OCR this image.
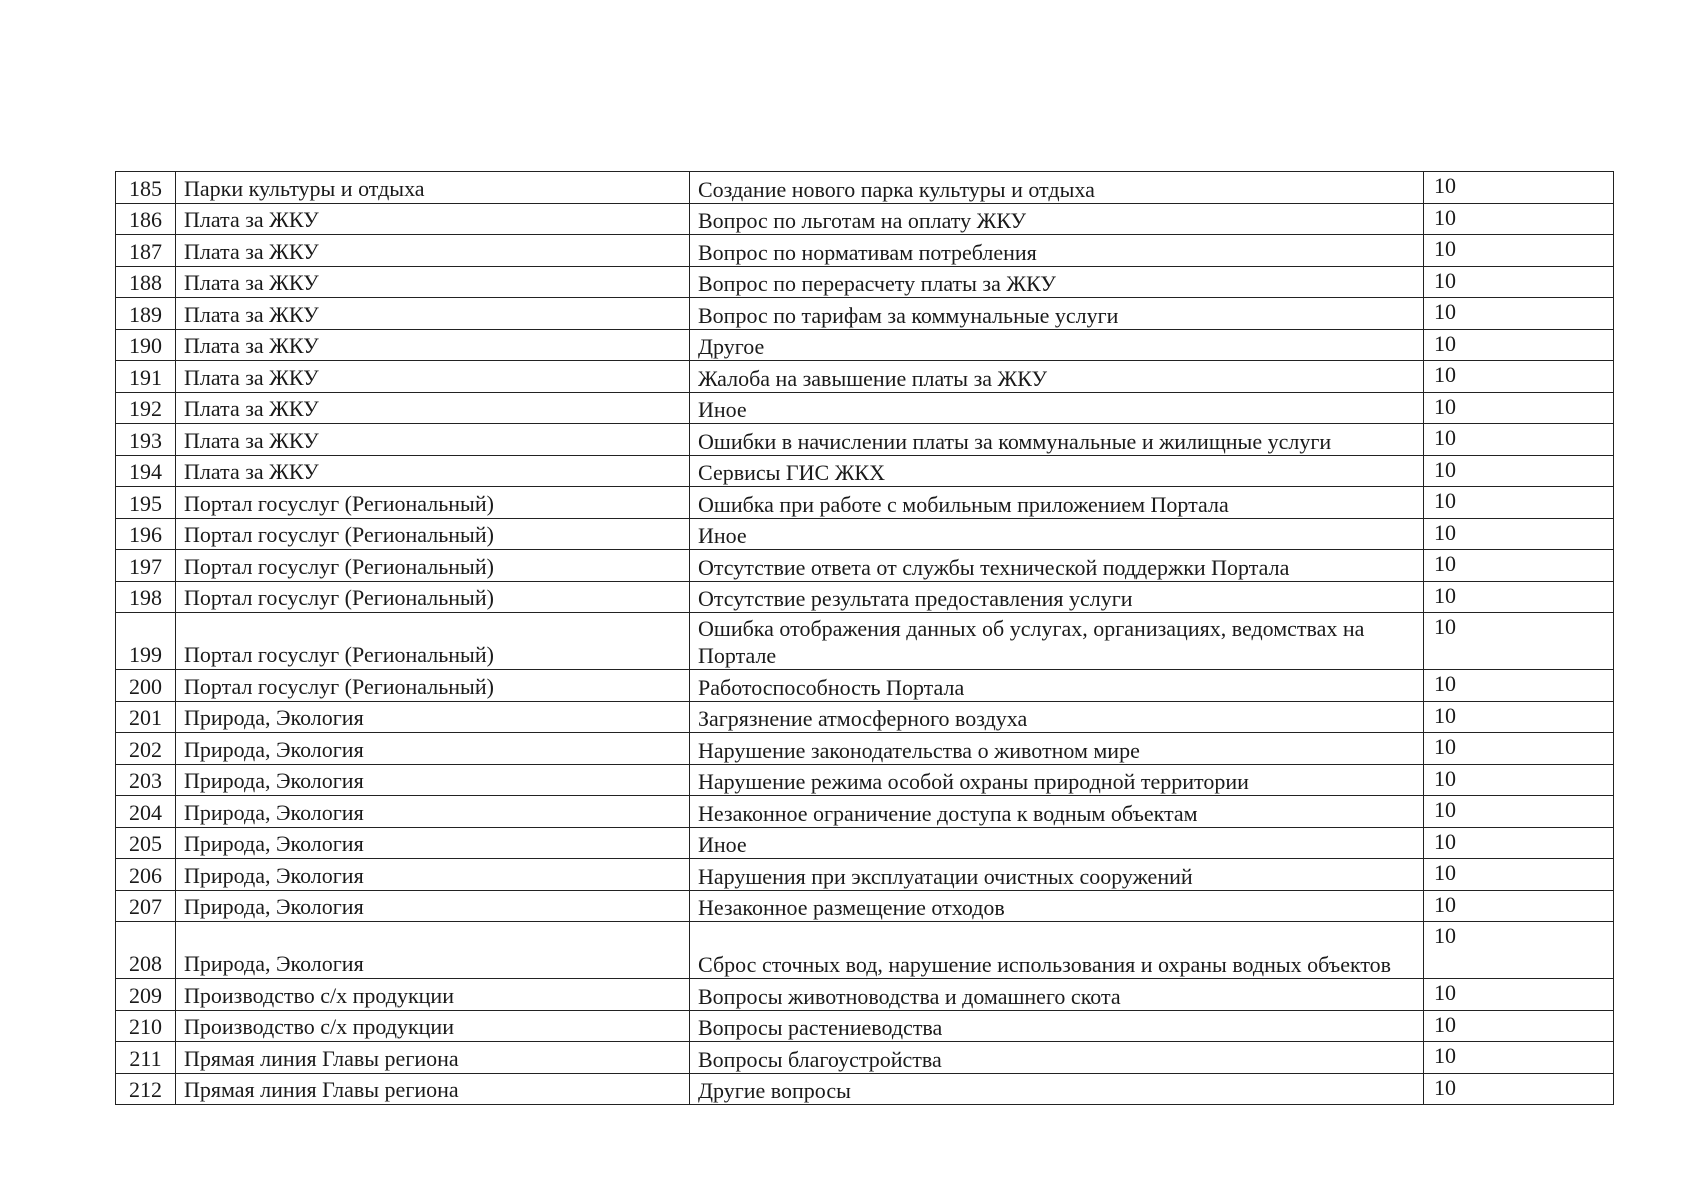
185	Парки культуры и отдыха	Создание нового парка культуры и отдыха	10
186	Плата за ЖКУ	Вопрос по льготам на оплату ЖКУ	10
187	Плата за ЖКУ	Вопрос по нормативам потребления	10
188	Плата за ЖКУ	Вопрос по перерасчету платы за ЖКУ	10
189	Плата за ЖКУ	Вопрос по тарифам за коммунальные услуги	10
190	Плата за ЖКУ	Другое	10
191	Плата за ЖКУ	Жалоба на завышение платы за ЖКУ	10
192	Плата за ЖКУ	Иное	10
193	Плата за ЖКУ	Ошибки в начислении платы за коммунальные и жилищные услуги	10
194	Плата за ЖКУ	Сервисы ГИС ЖКХ	10
195	Портал госуслуг (Региональный)	Ошибка при работе с мобильным приложением Портала	10
196	Портал госуслуг (Региональный)	Иное	10
197	Портал госуслуг (Региональный)	Отсутствие ответа от службы технической поддержки Портала	10
198	Портал госуслуг (Региональный)	Отсутствие результата предоставления услуги	10
199	Портал госуслуг (Региональный)	Ошибка отображения данных об услугах, организациях, ведомствах на Портале	10
200	Портал госуслуг (Региональный)	Работоспособность Портала	10
201	Природа, Экология	Загрязнение атмосферного воздуха	10
202	Природа, Экология	Нарушение законодательства о животном мире	10
203	Природа, Экология	Нарушение режима особой охраны природной территории	10
204	Природа, Экология	Незаконное ограничение доступа к водным объектам	10
205	Природа, Экология	Иное	10
206	Природа, Экология	Нарушения при эксплуатации очистных сооружений	10
207	Природа, Экология	Незаконное размещение отходов	10
208	Природа, Экология	Сброс сточных вод, нарушение использования и охраны водных объектов	10
209	Производство с/х продукции	Вопросы животноводства и домашнего скота	10
210	Производство с/х продукции	Вопросы растениеводства	10
211	Прямая линия Главы региона	Вопросы благоустройства	10
212	Прямая линия Главы региона	Другие вопросы	10
